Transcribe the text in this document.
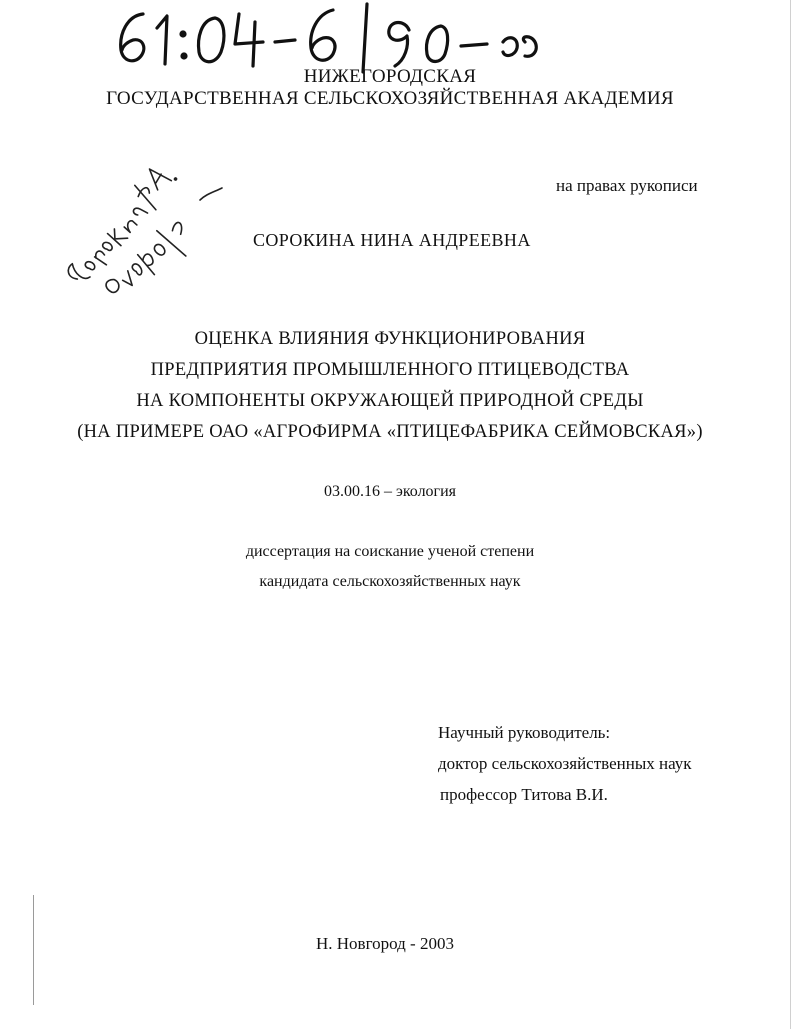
НИЖЕГОРОДСКАЯ
ГОСУДАРСТВЕННАЯ СЕЛЬСКОХОЗЯЙСТВЕННАЯ АКАДЕМИЯ
на правах рукописи
СОРОКИНА НИНА АНДРЕЕВНА
ОЦЕНКА ВЛИЯНИЯ ФУНКЦИОНИРОВАНИЯ
ПРЕДПРИЯТИЯ ПРОМЫШЛЕННОГО ПТИЦЕВОДСТВА
НА КОМПОНЕНТЫ ОКРУЖАЮЩЕЙ ПРИРОДНОЙ СРЕДЫ
(НА ПРИМЕРЕ ОАО «АГРОФИРМА «ПТИЦЕФАБРИКА СЕЙМОВСКАЯ»)
03.00.16 – экология
диссертация на соискание ученой степени
кандидата сельскохозяйственных наук
Научный руководитель:
доктор сельскохозяйственных наук
профессор Титова В.И.
Н. Новгород - 2003
